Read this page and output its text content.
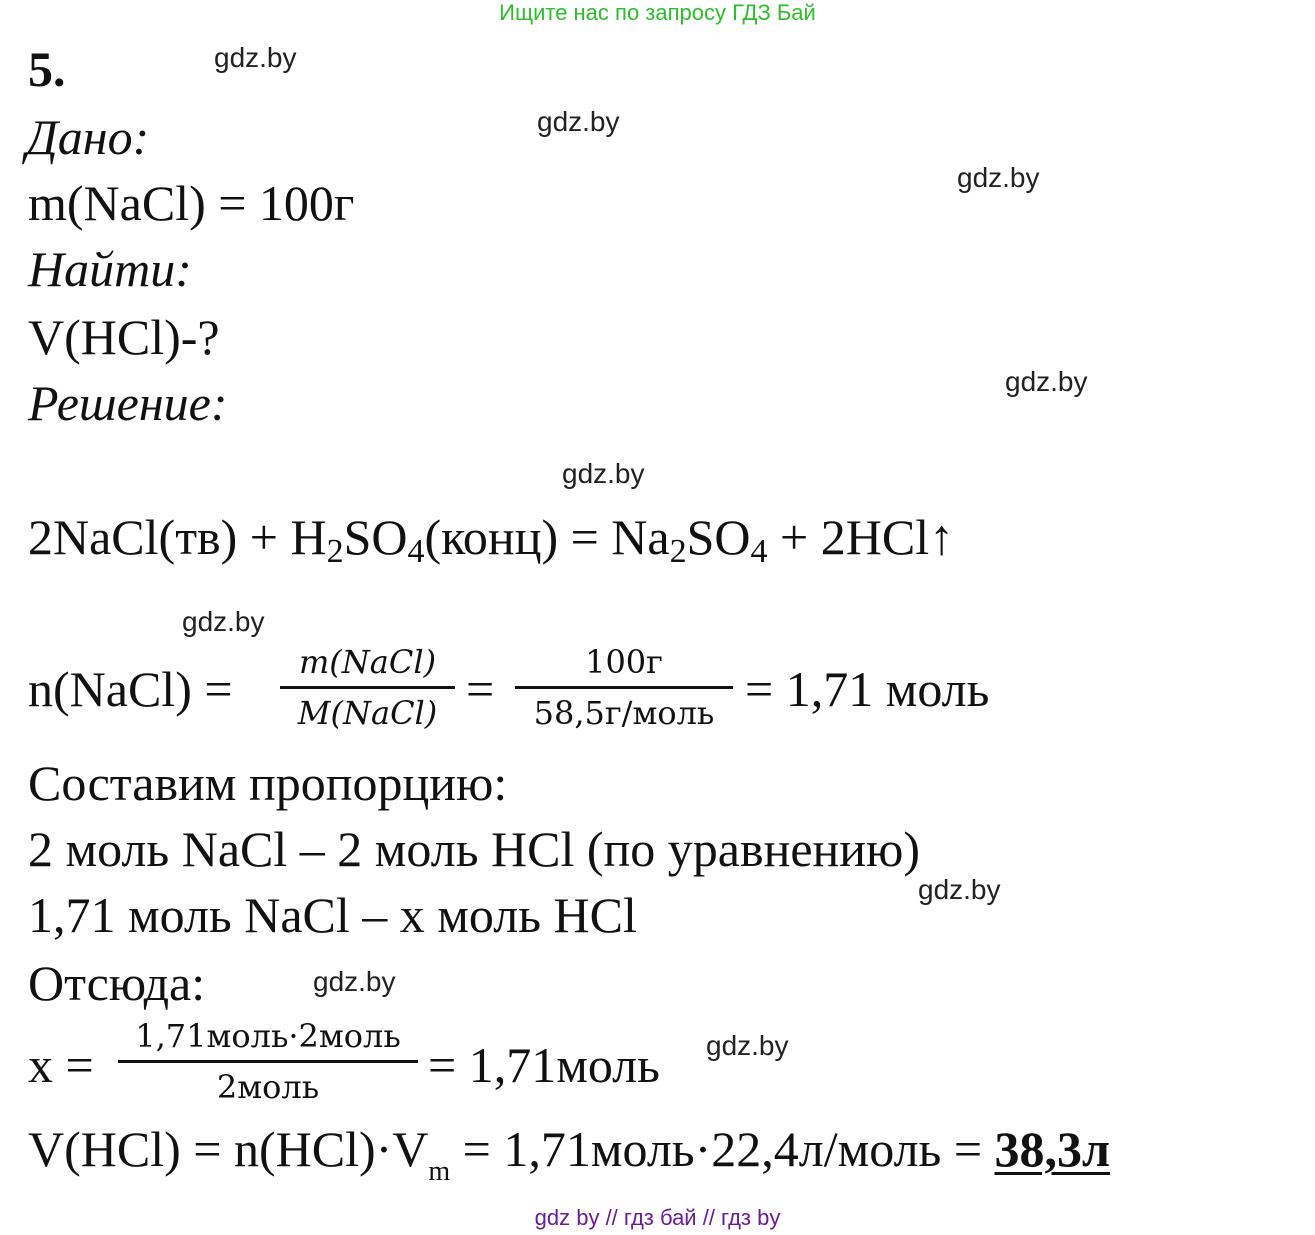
Ищите нас по запросу ГДЗ Бай
5.	gdz.by
gdz.by
gdz.by
gdz.by
gdz.by
gdz.by
gdz.by
gdz.by
gdz.by
Дано:
m(NaCl) = 100г
Найти:
V(HCl)-?
Решение:
2NaCl(тв) + $H_2SO_4(конц) = Na_2SO_4$ + 2HCl↑
n(NaCl) =	m(NaCl)
M(NaCl) =	100г
58,5г/моль = 1,71 моль
Составим пропорцию:
2 моль NaCl – 2 моль HCl (по уравнению)
1,71 моль NaCl – x моль HCl
Отсюда:
x =
1,71моль·2моль
2моль	= 1,71моль
$V(HCl) = n(HCl)\cdot V_m$ = 1,71моль·22,4л/моль = 38,3л
gdz by // гдз бай // гдз by
